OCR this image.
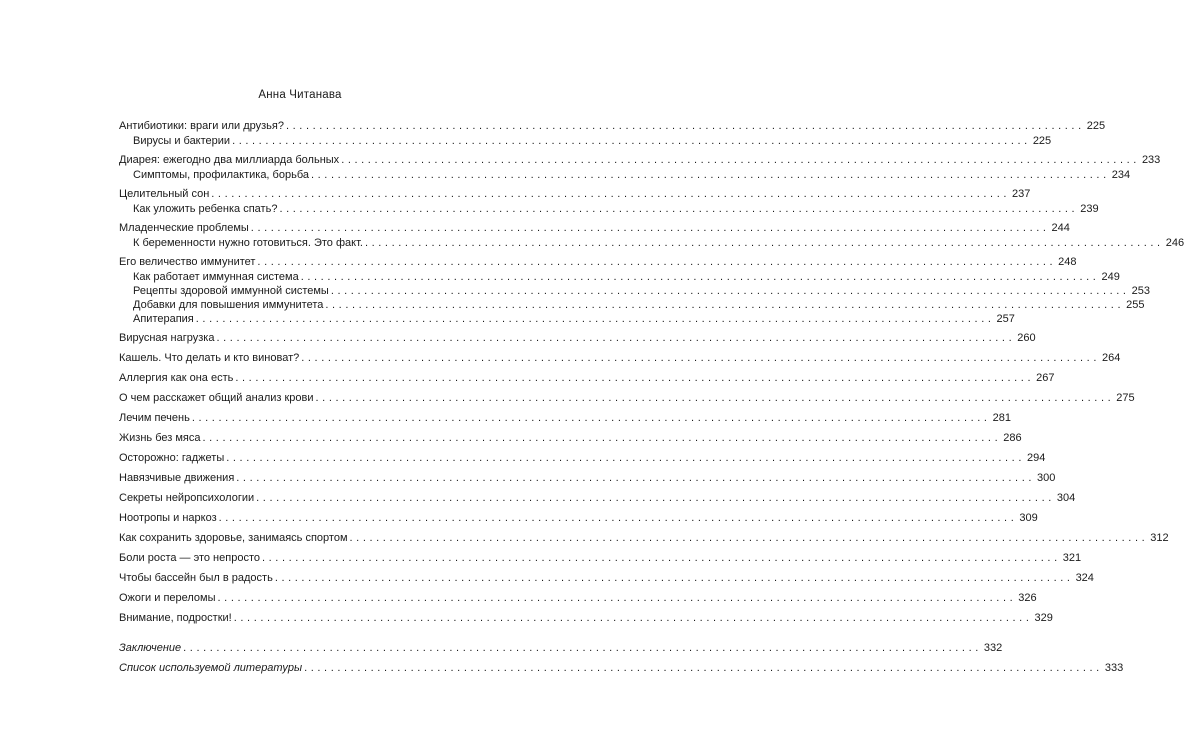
Анна Читанава
Антибиотики: враги или друзья? ........................................................................................................................ 225
Вирусы и бактерии ........................................................................................................................ 225
Диарея: ежегодно два миллиарда больных ........................................................................................................................ 233
Симптомы, профилактика, борьба ........................................................................................................................ 234
Целительный сон ........................................................................................................................ 237
Как уложить ребенка спать? ........................................................................................................................ 239
Младенческие проблемы ........................................................................................................................ 244
К беременности нужно готовиться. Это факт. ........................................................................................................................ 246
Его величество иммунитет ........................................................................................................................ 248
Как работает иммунная система ........................................................................................................................ 249
Рецепты здоровой иммунной системы ........................................................................................................................ 253
Добавки для повышения иммунитета ........................................................................................................................ 255
Апитерапия ........................................................................................................................ 257
Вирусная нагрузка ........................................................................................................................ 260
Кашель. Что делать и кто виноват? ........................................................................................................................ 264
Аллергия как она есть ........................................................................................................................ 267
О чем расскажет общий анализ крови ........................................................................................................................ 275
Лечим печень ........................................................................................................................ 281
Жизнь без мяса ........................................................................................................................ 286
Осторожно: гаджеты ........................................................................................................................ 294
Навязчивые движения ........................................................................................................................ 300
Секреты нейропсихологии ........................................................................................................................ 304
Ноотропы и наркоз ........................................................................................................................ 309
Как сохранить здоровье, занимаясь спортом ........................................................................................................................ 312
Боли роста — это непросто ........................................................................................................................ 321
Чтобы бассейн был в радость ........................................................................................................................ 324
Ожоги и переломы ........................................................................................................................ 326
Внимание, подростки! ........................................................................................................................ 329
Заключение ........................................................................................................................ 332
Список используемой литературы ........................................................................................................................ 333
